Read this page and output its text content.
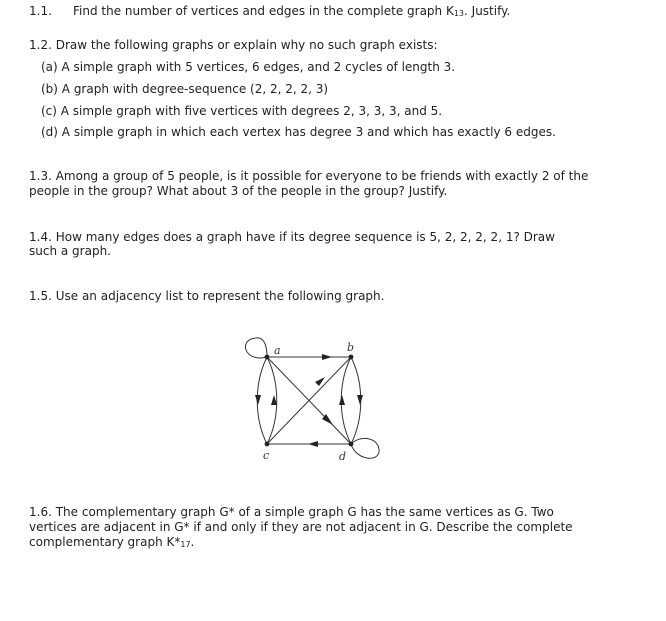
1.1. Find the number of vertices and edges in the complete graph K13. Justify.
1.2. Draw the following graphs or explain why no such graph exists:
(a) A simple graph with 5 vertices, 6 edges, and 2 cycles of length 3.
(b) A graph with degree-sequence (2, 2, 2, 2, 3)
(c) A simple graph with five vertices with degrees 2, 3, 3, 3, and 5.
(d) A simple graph in which each vertex has degree 3 and which has exactly 6 edges.
1.3. Among a group of 5 people, is it possible for everyone to be friends with exactly 2 of the
people in the group? What about 3 of the people in the group? Justify.
1.4. How many edges does a graph have if its degree sequence is 5, 2, 2, 2, 2, 1? Draw
such a graph.
1.5. Use an adjacency list to represent the following graph.
a	b
c	d
1.6. The complementary graph G* of a simple graph G has the same vertices as G. Two
vertices are adjacent in G* if and only if they are not adjacent in G. Describe the complete
complementary graph K*17.
